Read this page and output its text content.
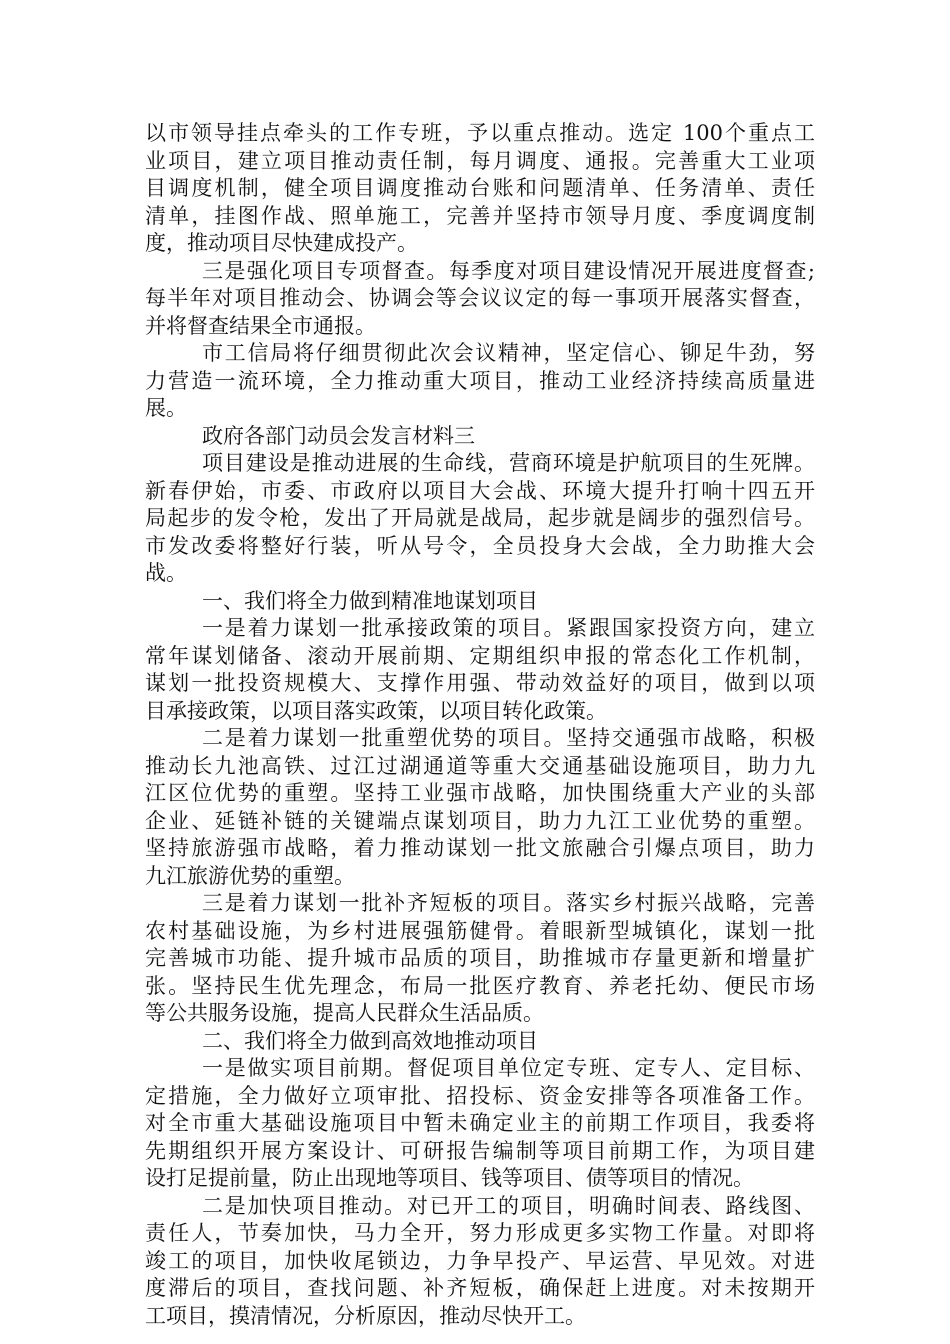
以市领导挂点牵头的工作专班，予以重点推动。选定 100个重点工
业项目，建立项目推动责任制，每月调度、通报。完善重大工业项
目调度机制，健全项目调度推动台账和问题清单、任务清单、责任
清单，挂图作战、照单施工，完善并坚持市领导月度、季度调度制
度，推动项目尽快建成投产。
三是强化项目专项督查。每季度对项目建设情况开展进度督查;
每半年对项目推动会、协调会等会议议定的每一事项开展落实督查，
并将督查结果全市通报。
市工信局将仔细贯彻此次会议精神，坚定信心、铆足牛劲，努
力营造一流环境，全力推动重大项目，推动工业经济持续高质量进
展。
政府各部门动员会发言材料三
项目建设是推动进展的生命线，营商环境是护航项目的生死牌。
新春伊始，市委、市政府以项目大会战、环境大提升打响十四五开
局起步的发令枪，发出了开局就是战局，起步就是阔步的强烈信号。
市发改委将整好行装，听从号令，全员投身大会战，全力助推大会
战。
一、我们将全力做到精准地谋划项目
一是着力谋划一批承接政策的项目。紧跟国家投资方向，建立
常年谋划储备、滚动开展前期、定期组织申报的常态化工作机制，
谋划一批投资规模大、支撑作用强、带动效益好的项目，做到以项
目承接政策，以项目落实政策，以项目转化政策。
二是着力谋划一批重塑优势的项目。坚持交通强市战略，积极
推动长九池高铁、过江过湖通道等重大交通基础设施项目，助力九
江区位优势的重塑。坚持工业强市战略，加快围绕重大产业的头部
企业、延链补链的关键端点谋划项目，助力九江工业优势的重塑。
坚持旅游强市战略，着力推动谋划一批文旅融合引爆点项目，助力
九江旅游优势的重塑。
三是着力谋划一批补齐短板的项目。落实乡村振兴战略，完善
农村基础设施，为乡村进展强筋健骨。着眼新型城镇化，谋划一批
完善城市功能、提升城市品质的项目，助推城市存量更新和增量扩
张。坚持民生优先理念，布局一批医疗教育、养老托幼、便民市场
等公共服务设施，提高人民群众生活品质。
二、我们将全力做到高效地推动项目
一是做实项目前期。督促项目单位定专班、定专人、定目标、
定措施，全力做好立项审批、招投标、资金安排等各项准备工作。
对全市重大基础设施项目中暂未确定业主的前期工作项目，我委将
先期组织开展方案设计、可研报告编制等项目前期工作，为项目建
设打足提前量，防止出现地等项目、钱等项目、债等项目的情况。
二是加快项目推动。对已开工的项目，明确时间表、路线图、
责任人，节奏加快，马力全开，努力形成更多实物工作量。对即将
竣工的项目，加快收尾锁边，力争早投产、早运营、早见效。对进
度滞后的项目，查找问题、补齐短板，确保赶上进度。对未按期开
工项目，摸清情况，分析原因，推动尽快开工。
